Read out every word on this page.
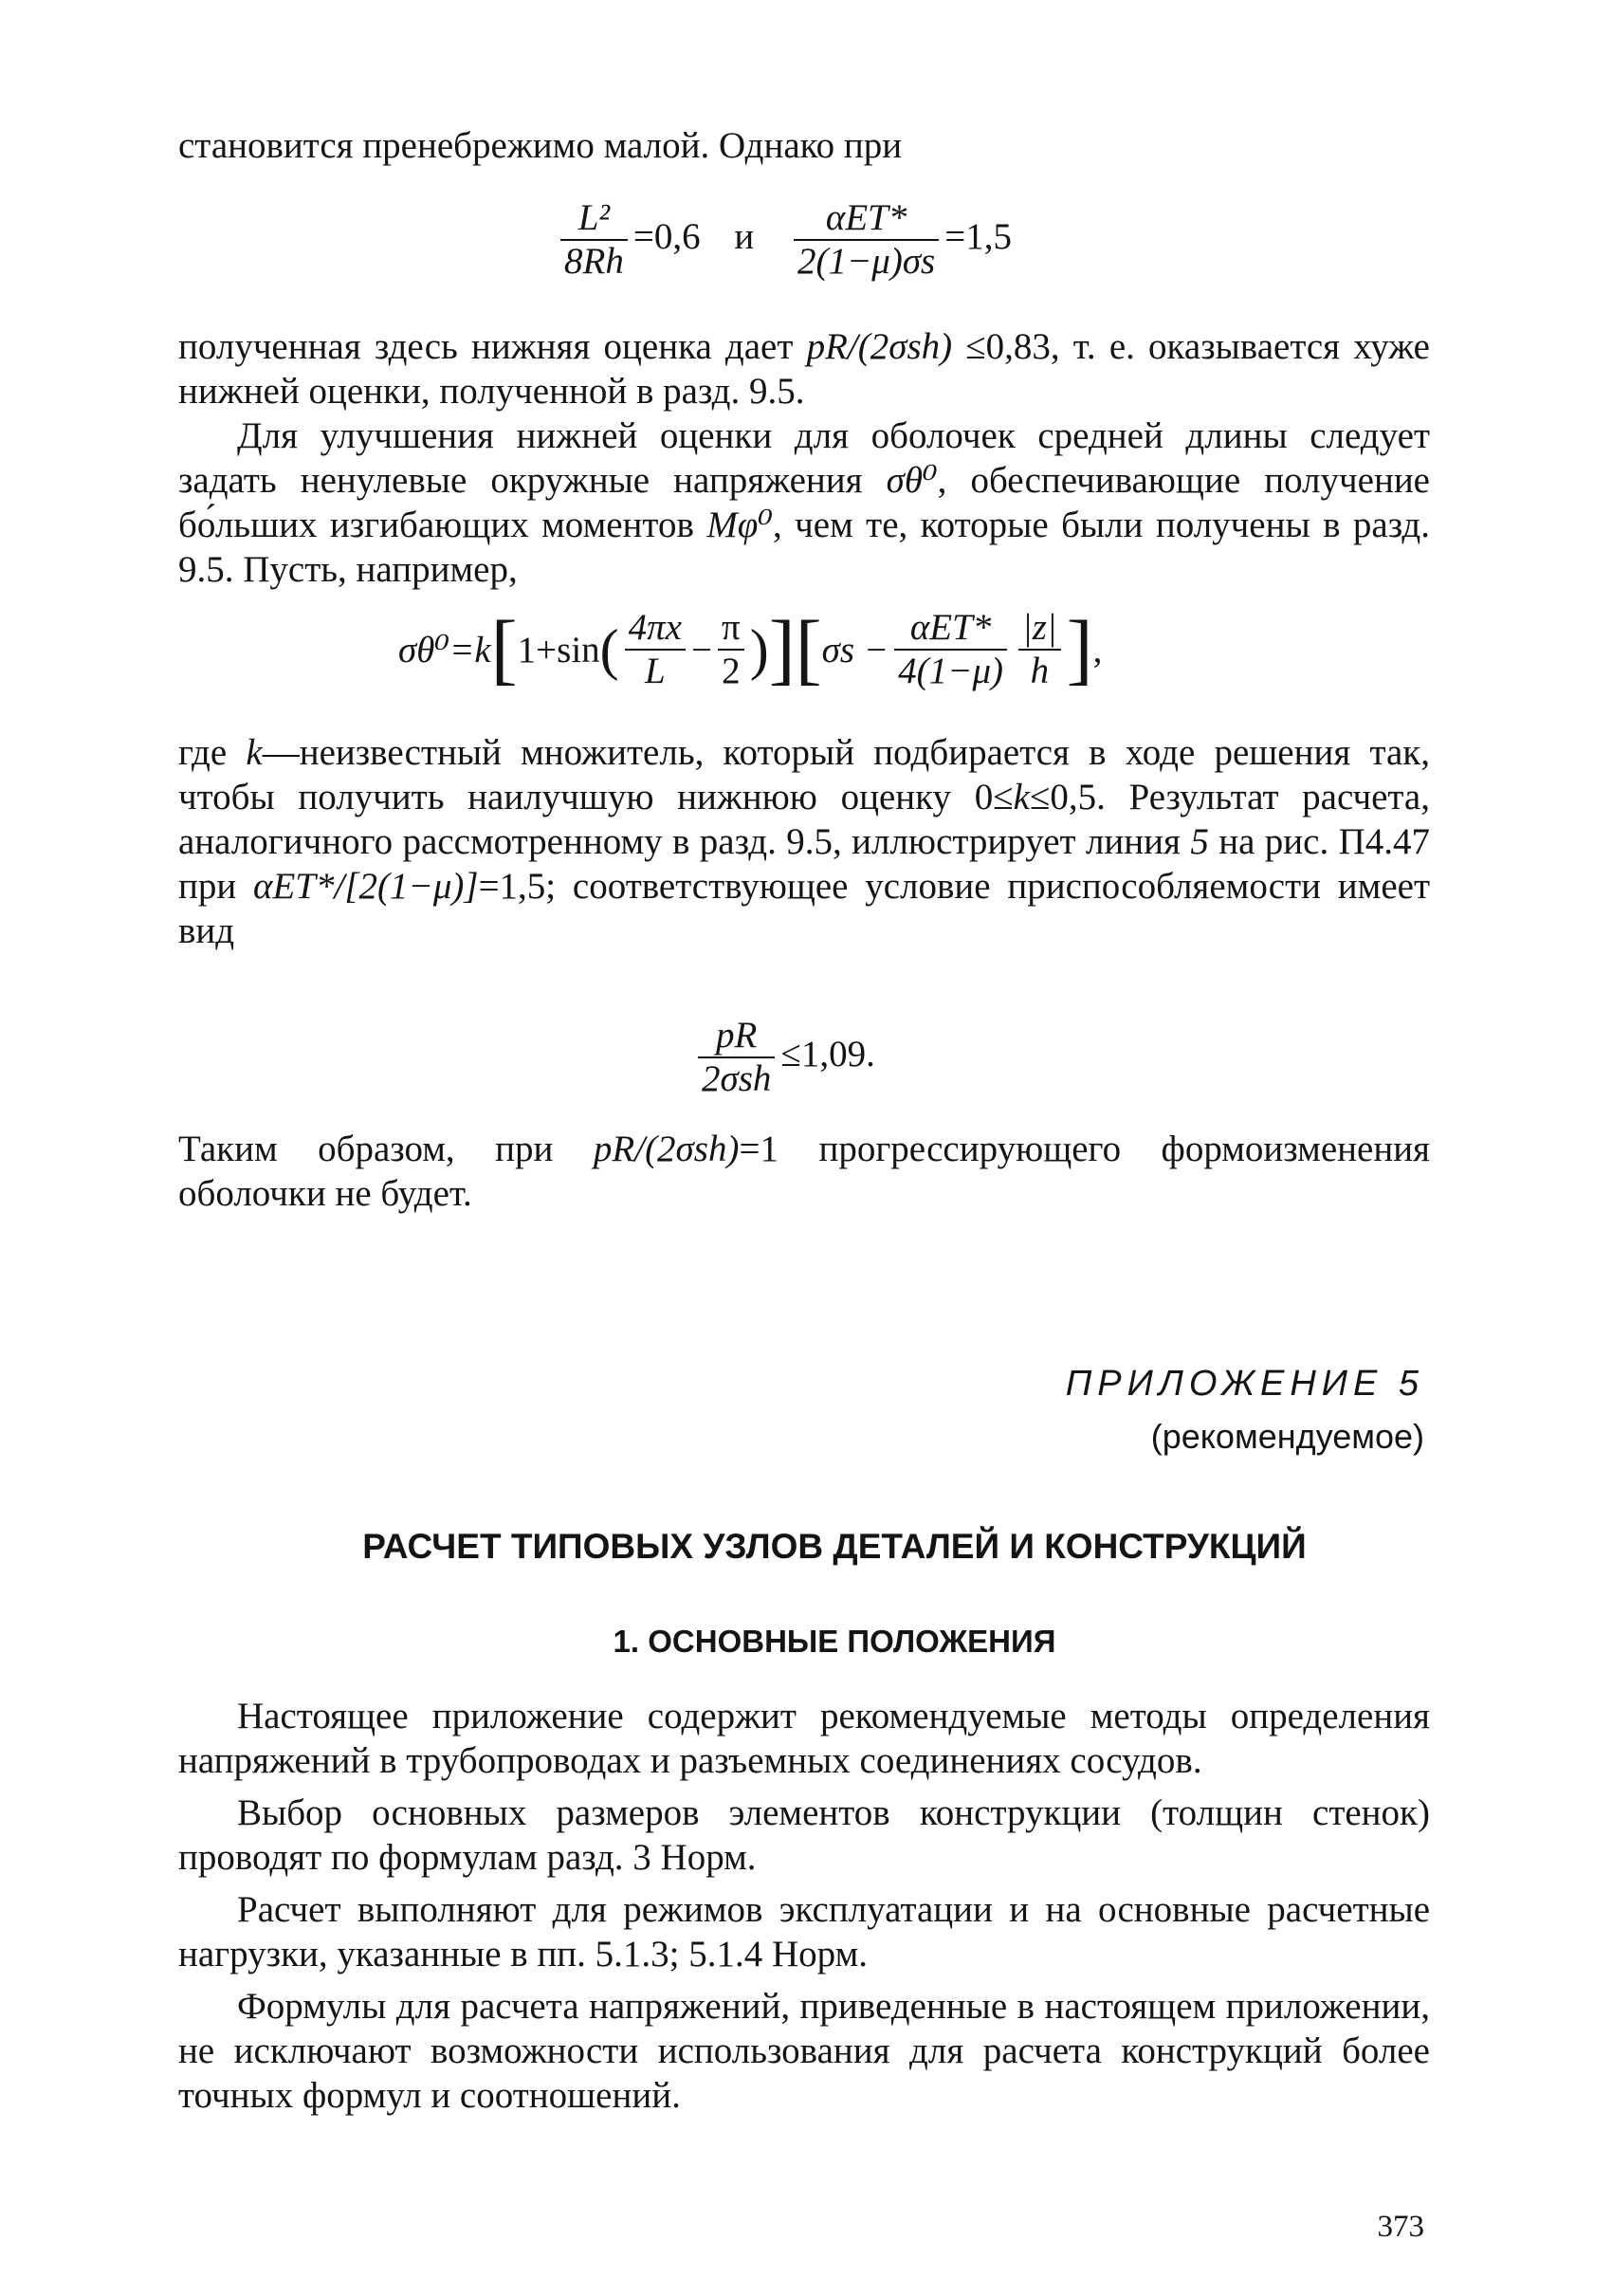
становится пренебрежимо малой. Однако при

$\frac{\text{L²}}{8Rh} =0,6$ и $\frac{\text{αET*}}{2(1-\mu)\sigma s} =1,5$

полученная здесь нижняя оценка дает pR/(2σsh) ≤0,83, т. е. оказывается хуже нижней оценки, полученной в разд. 9.5.

Для улучшения нижней оценки для оболочек средней длины следует задать ненулевые окружные напряжения σθ⁰, обеспечивающие получение бо́льших изгибающих моментов Mφ⁰, чем те, которые были получены в разд. 9.5. Пусть, например,

σθ⁰=k [ 1+sin ( $\frac{4\pi x}{L} - \frac{\pi}{2}$ ) ] [ $\sigma s - \frac{\text{αET*}}{4(1-\mu)} \frac{|z|}{h}$ ] ,

где k—неизвестный множитель, который подбирается в ходе решения так, чтобы получить наилучшую нижнюю оценку 0≤k≤0,5. Результат расчета, аналогичного рассмотренному в разд. 9.5, иллюстрирует линия 5 на рис. П4.47 при αET*/[2(1−μ)]=1,5; соответствующее условие приспособляемости имеет вид

$\frac{pR}{\text{2σsh}} \le 1,09$.

Таким образом, при pR/(2σsh)=1 прогрессирующего формоизменения оболочки не будет.

ПРИЛОЖЕНИЕ 5
(рекомендуемое)
РАСЧЕТ ТИПОВЫХ УЗЛОВ ДЕТАЛЕЙ И КОНСТРУКЦИЙ
1. ОСНОВНЫЕ ПОЛОЖЕНИЯ

Настоящее приложение содержит рекомендуемые методы определения напряжений в трубопроводах и разъемных соединениях сосудов.

Выбор основных размеров элементов конструкции (толщин стенок) проводят по формулам разд. 3 Норм.

Расчет выполняют для режимов эксплуатации и на основные расчетные нагрузки, указанные в пп. 5.1.3; 5.1.4 Норм.

Формулы для расчета напряжений, приведенные в настоящем приложении, не исключают возможности использования для расчета конструкций более точных формул и соотношений.

373
